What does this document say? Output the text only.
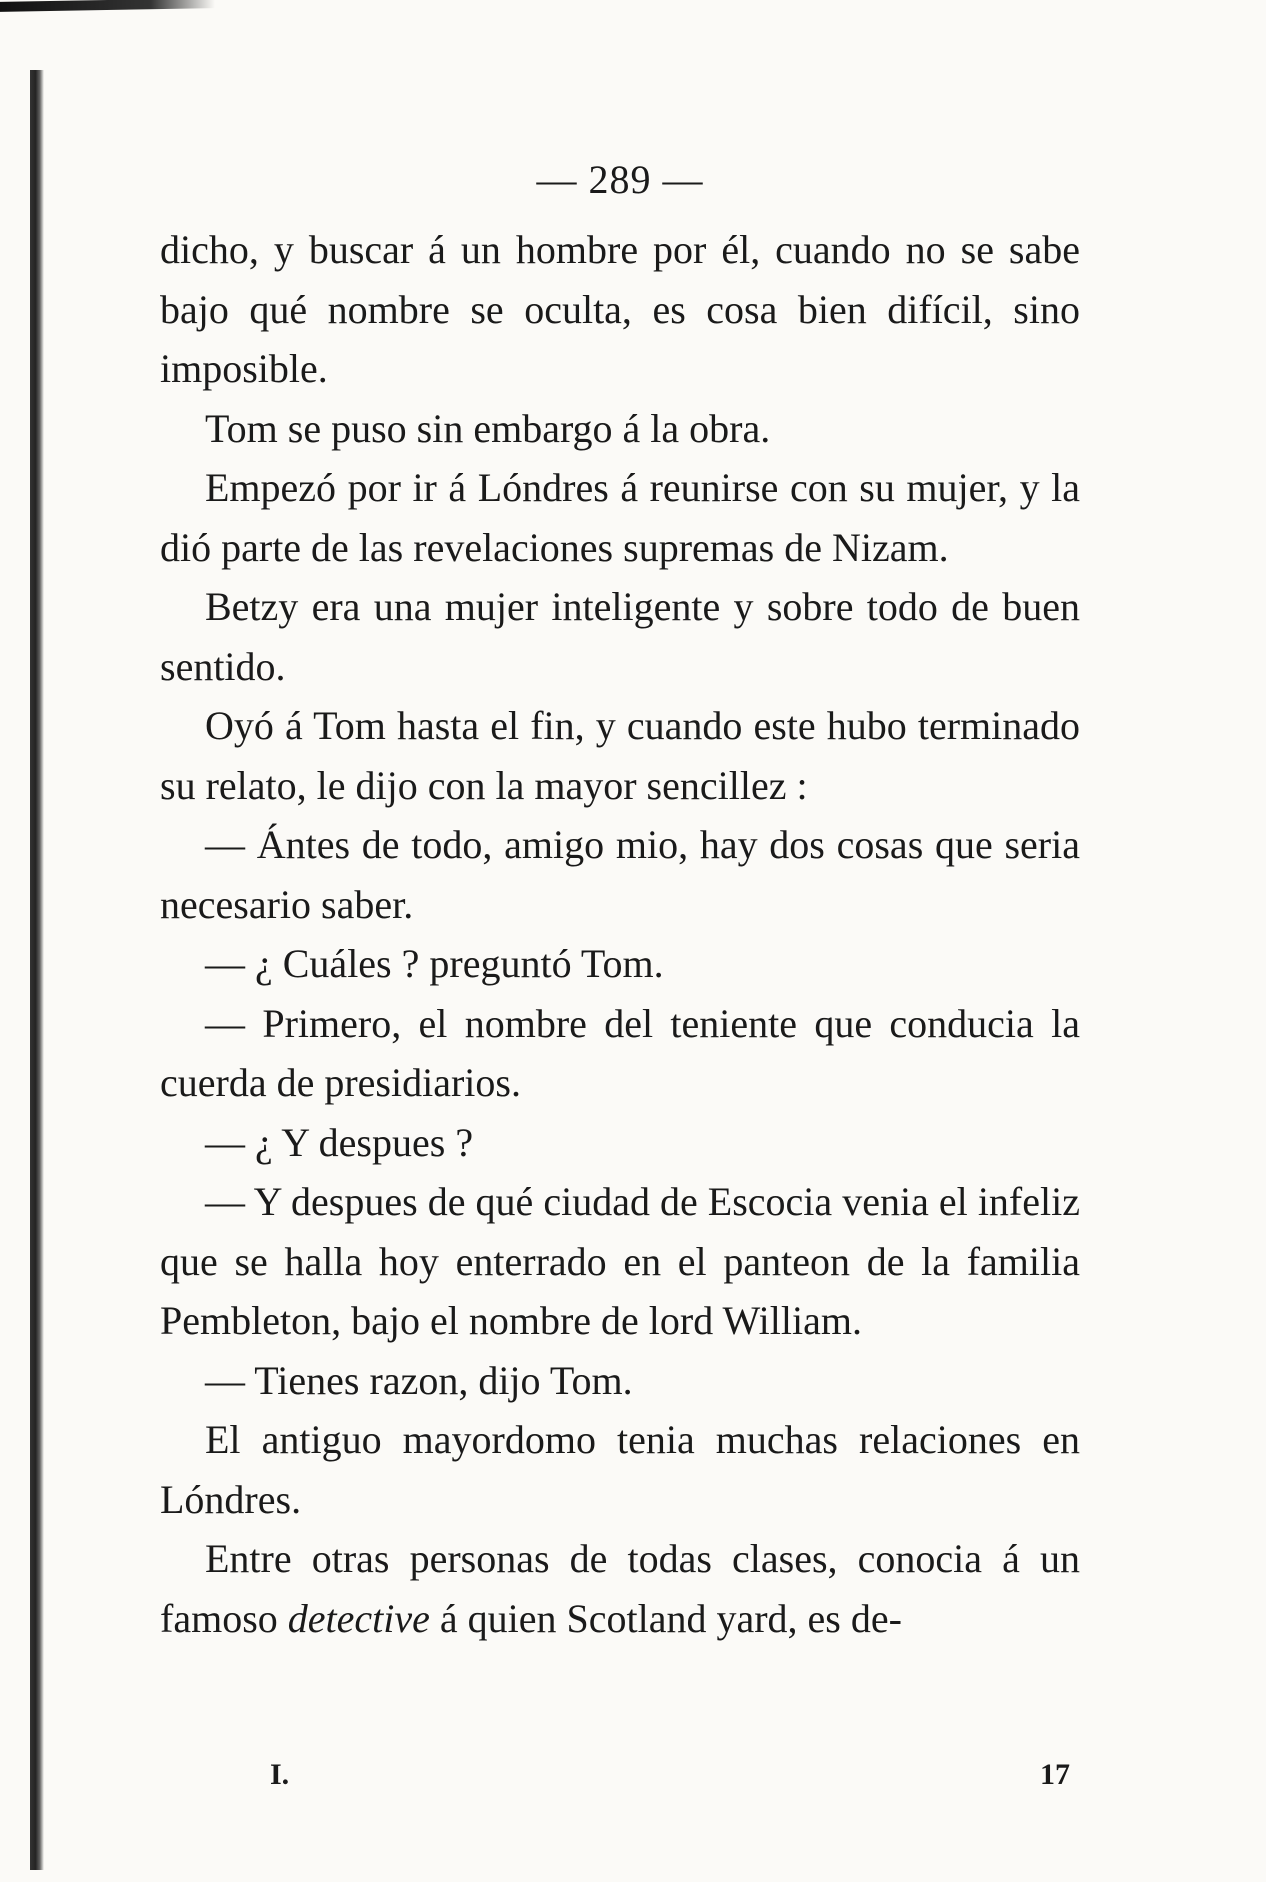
— 289 —

dicho, y buscar á un hombre por él, cuando no se sabe bajo qué nombre se oculta, es cosa bien difícil, sino imposible.

Tom se puso sin embargo á la obra.

Empezó por ir á Lóndres á reunirse con su mujer, y la dió parte de las revelaciones supremas de Nizam.

Betzy era una mujer inteligente y sobre todo de buen sentido.

Oyó á Tom hasta el fin, y cuando este hubo terminado su relato, le dijo con la mayor sencillez :

— Ántes de todo, amigo mio, hay dos cosas que seria necesario saber.

— ¿ Cuáles ? preguntó Tom.

— Primero, el nombre del teniente que conducia la cuerda de presidiarios.

— ¿ Y despues ?

— Y despues de qué ciudad de Escocia venia el infeliz que se halla hoy enterrado en el panteon de la familia Pembleton, bajo el nombre de lord William.

— Tienes razon, dijo Tom.

El antiguo mayordomo tenia muchas relaciones en Lóndres.

Entre otras personas de todas clases, conocia á un famoso detective á quien Scotland yard, es de-

I.	17
